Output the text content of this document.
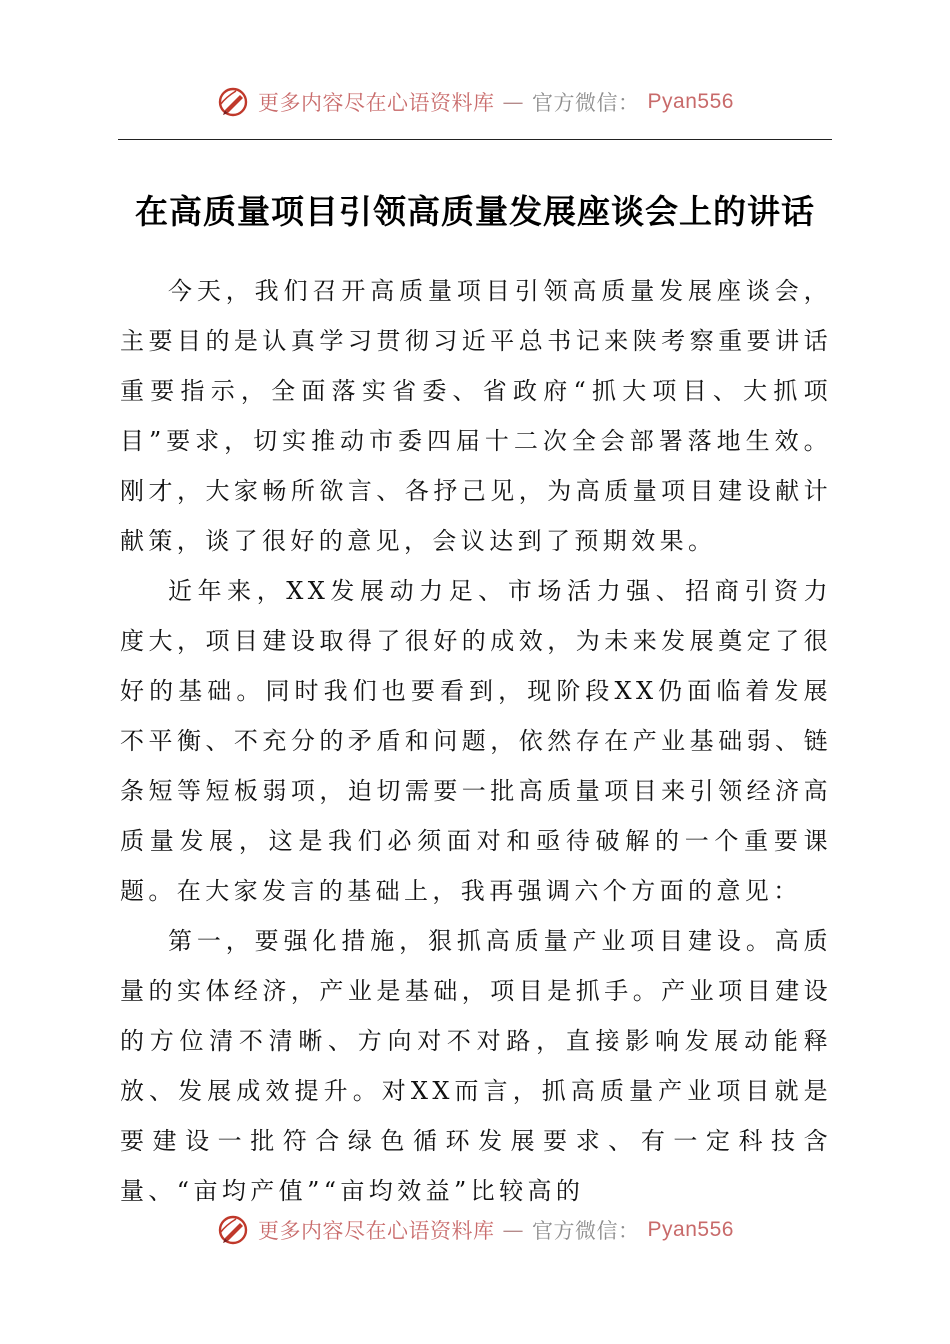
更多内容尽在心语资料库 — 官方微信： Pyan556
在高质量项目引领高质量发展座谈会上的讲话

今天，我们召开高质量项目引领高质量发展座谈会，主要目的是认真学习贯彻习近平总书记来陕考察重要讲话重要指示，全面落实省委、省政府“抓大项目、大抓项目”要求，切实推动市委四届十二次全会部署落地生效。刚才，大家畅所欲言、各抒己见，为高质量项目建设献计献策，谈了很好的意见，会议达到了预期效果。

近年来，XX发展动力足、市场活力强、招商引资力度大，项目建设取得了很好的成效，为未来发展奠定了很好的基础。同时我们也要看到，现阶段XX仍面临着发展不平衡、不充分的矛盾和问题，依然存在产业基础弱、链条短等短板弱项，迫切需要一批高质量项目来引领经济高质量发展，这是我们必须面对和亟待破解的一个重要课题。在大家发言的基础上，我再强调六个方面的意见：

第一，要强化措施，狠抓高质量产业项目建设。高质量的实体经济，产业是基础，项目是抓手。产业项目建设的方位清不清晰、方向对不对路，直接影响发展动能释放、发展成效提升。对XX而言，抓高质量产业项目就是要建设一批符合绿色循环发展要求、有一定科技含量、“亩均产值”“亩均效益”比较高的

更多内容尽在心语资料库 — 官方微信： Pyan556
